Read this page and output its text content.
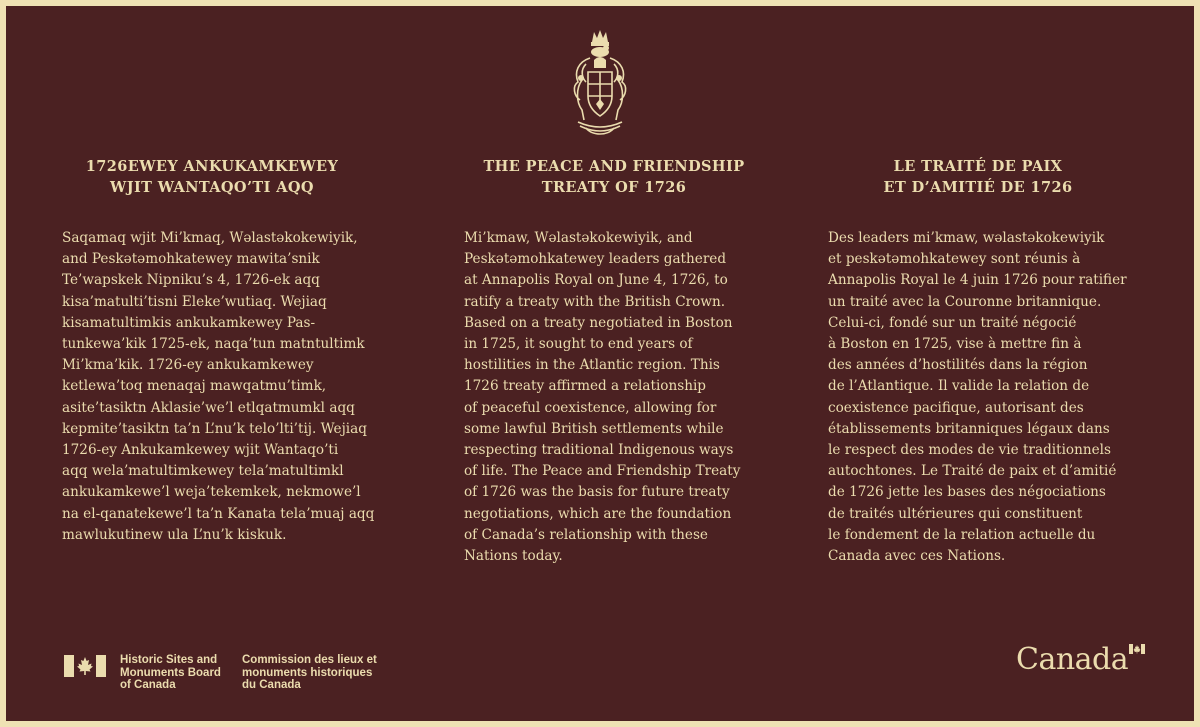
1726EWEY ANKUKAMKEWEY
WJIT WANTAQO’TI AQQ
Saqamaq wjit Mi’kmaq, Wəlastəkokewiyik,
and Peskətəmohkatewey mawita’snik
Te’wapskek Nipniku’s 4, 1726-ek aqq
kisa’matulti’tisni Eleke’wutiaq. Wejiaq
kisamatultimkis ankukamkewey Pas-
tunkewa’kik 1725-ek, naqa’tun matntultimk
Mi’kma’kik. 1726-ey ankukamkewey
ketlewa’toq menaqaj mawqatmu’timk,
asite’tasiktn Aklasie’we’l etlqatmumkl aqq
kepmite’tasiktn ta’n L’nu’k telo’lti’tij. Wejiaq
1726-ey Ankukamkewey wjit Wantaqo’ti
aqq wela’matultimkewey tela’matultimkl
ankukamkewe’l weja’tekemkek, nekmowe’l
na el-qanatekewe’l ta’n Kanata tela’muaj aqq
mawlukutinew ula L’nu’k kiskuk.
THE PEACE AND FRIENDSHIP
TREATY OF 1726
Mi’kmaw, Wəlastəkokewiyik, and
Peskətəmohkatewey leaders gathered
at Annapolis Royal on June 4, 1726, to
ratify a treaty with the British Crown.
Based on a treaty negotiated in Boston
in 1725, it sought to end years of
hostilities in the Atlantic region. This
1726 treaty affirmed a relationship
of peaceful coexistence, allowing for
some lawful British settlements while
respecting traditional Indigenous ways
of life. The Peace and Friendship Treaty
of 1726 was the basis for future treaty
negotiations, which are the foundation
of Canada’s relationship with these
Nations today.
LE TRAITÉ DE PAIX
ET D’AMITIÉ DE 1726
Des leaders mi’kmaw, wəlastəkokewiyik
et peskətəmohkatewey sont réunis à
Annapolis Royal le 4 juin 1726 pour ratifier
un traité avec la Couronne britannique.
Celui-ci, fondé sur un traité négocié
à Boston en 1725, vise à mettre fin à
des années d’hostilités dans la région
de l’Atlantique. Il valide la relation de
coexistence pacifique, autorisant des
établissements britanniques légaux dans
le respect des modes de vie traditionnels
autochtones. Le Traité de paix et d’amitié
de 1726 jette les bases des négociations
de traités ultérieures qui constituent
le fondement de la relation actuelle du
Canada avec ces Nations.
Historic Sites and
Monuments Board
of Canada
Commission des lieux et
monuments historiques
du Canada
Canada
